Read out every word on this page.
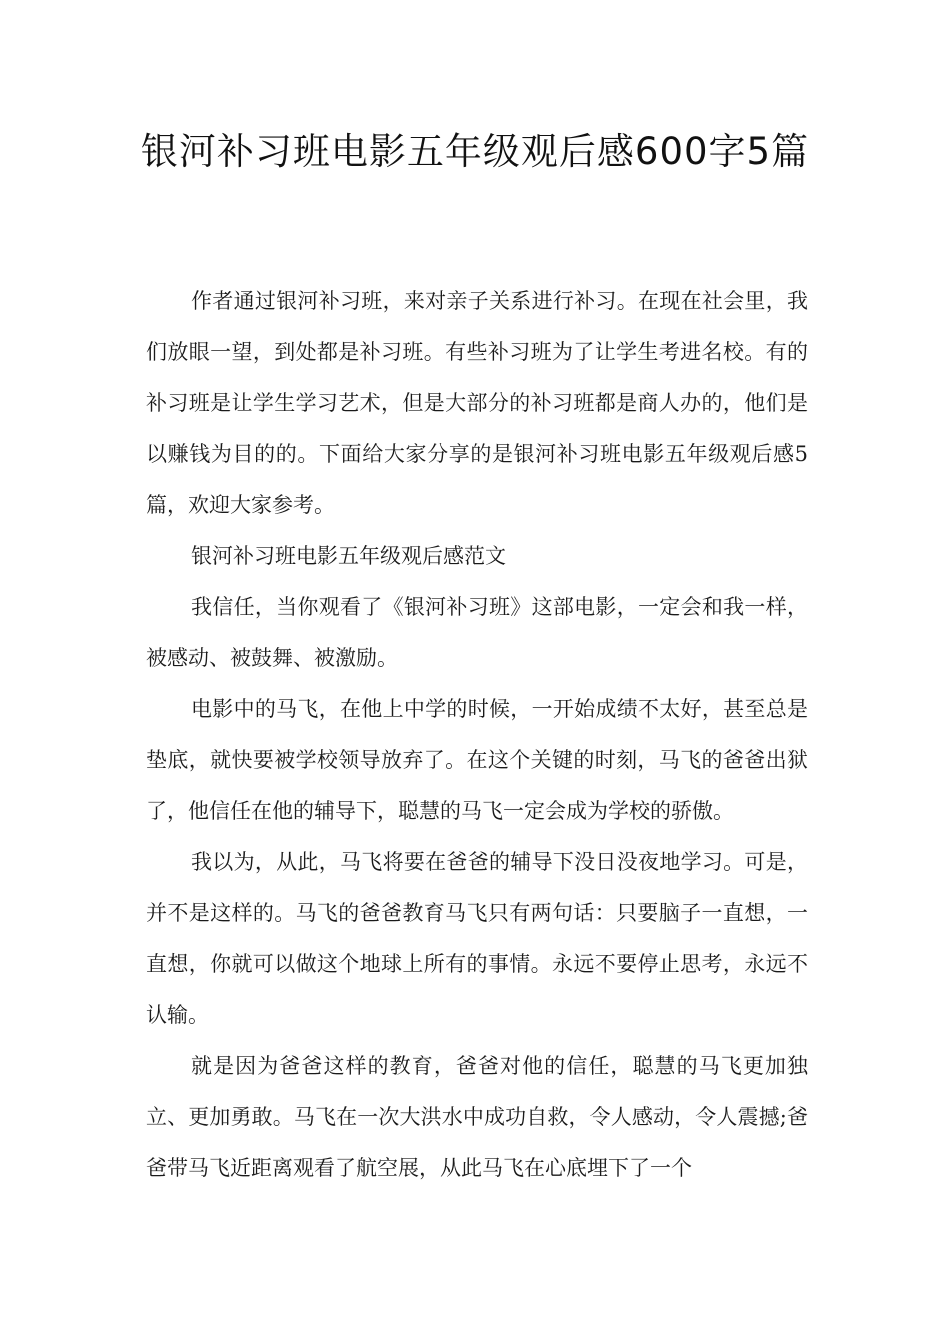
银河补习班电影五年级观后感600字5篇

作者通过银河补习班，来对亲子关系进行补习。在现在社会里，我们放眼一望，到处都是补习班。有些补习班为了让学生考进名校。有的补习班是让学生学习艺术，但是大部分的补习班都是商人办的，他们是以赚钱为目的的。下面给大家分享的是银河补习班电影五年级观后感5篇，欢迎大家参考。

银河补习班电影五年级观后感范文

我信任，当你观看了《银河补习班》这部电影，一定会和我一样，被感动、被鼓舞、被激励。

电影中的马飞，在他上中学的时候，一开始成绩不太好，甚至总是垫底，就快要被学校领导放弃了。在这个关键的时刻，马飞的爸爸出狱了，他信任在他的辅导下，聪慧的马飞一定会成为学校的骄傲。

我以为，从此，马飞将要在爸爸的辅导下没日没夜地学习。可是，并不是这样的。马飞的爸爸教育马飞只有两句话：只要脑子一直想，一直想，你就可以做这个地球上所有的事情。永远不要停止思考，永远不认输。

就是因为爸爸这样的教育，爸爸对他的信任，聪慧的马飞更加独立、更加勇敢。马飞在一次大洪水中成功自救，令人感动，令人震撼;爸爸带马飞近距离观看了航空展，从此马飞在心底埋下了一个
